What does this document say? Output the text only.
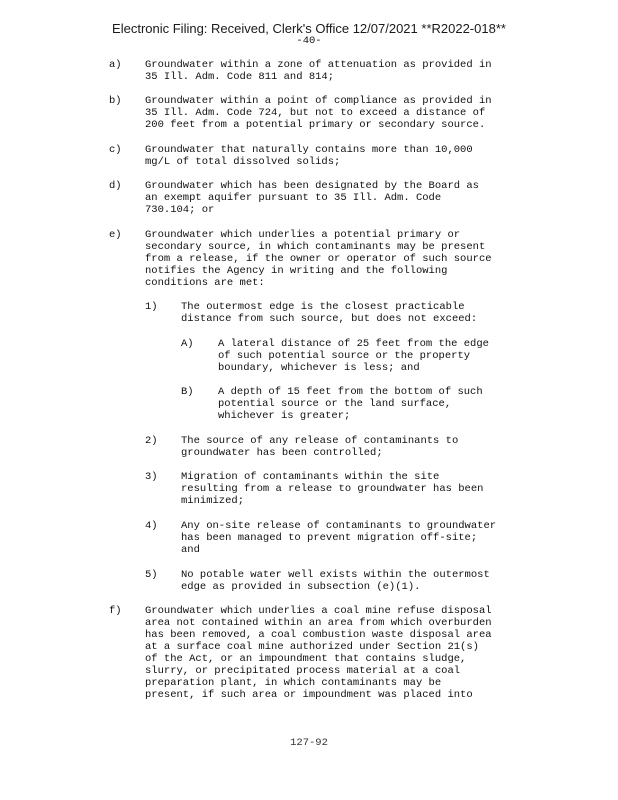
Electronic Filing: Received, Clerk's Office 12/07/2021 **R2022-018**
-40-
a) Groundwater within a zone of attenuation as provided in
35 Ill. Adm. Code 811 and 814;
b) Groundwater within a point of compliance as provided in
35 Ill. Adm. Code 724, but not to exceed a distance of
200 feet from a potential primary or secondary source.
c) Groundwater that naturally contains more than 10,000
mg/L of total dissolved solids;
d) Groundwater which has been designated by the Board as
an exempt aquifer pursuant to 35 Ill. Adm. Code
730.104; or
e) Groundwater which underlies a potential primary or
secondary source, in which contaminants may be present
from a release, if the owner or operator of such source
notifies the Agency in writing and the following
conditions are met:
1) The outermost edge is the closest practicable
distance from such source, but does not exceed:
A) A lateral distance of 25 feet from the edge
of such potential source or the property
boundary, whichever is less; and
B) A depth of 15 feet from the bottom of such
potential source or the land surface,
whichever is greater;
2) The source of any release of contaminants to
groundwater has been controlled;
3) Migration of contaminants within the site
resulting from a release to groundwater has been
minimized;
4) Any on-site release of contaminants to groundwater
has been managed to prevent migration off-site;
and
5) No potable water well exists within the outermost
edge as provided in subsection (e)(1).
f) Groundwater which underlies a coal mine refuse disposal
area not contained within an area from which overburden
has been removed, a coal combustion waste disposal area
at a surface coal mine authorized under Section 21(s)
of the Act, or an impoundment that contains sludge,
slurry, or precipitated process material at a coal
preparation plant, in which contaminants may be
present, if such area or impoundment was placed into
127-92
